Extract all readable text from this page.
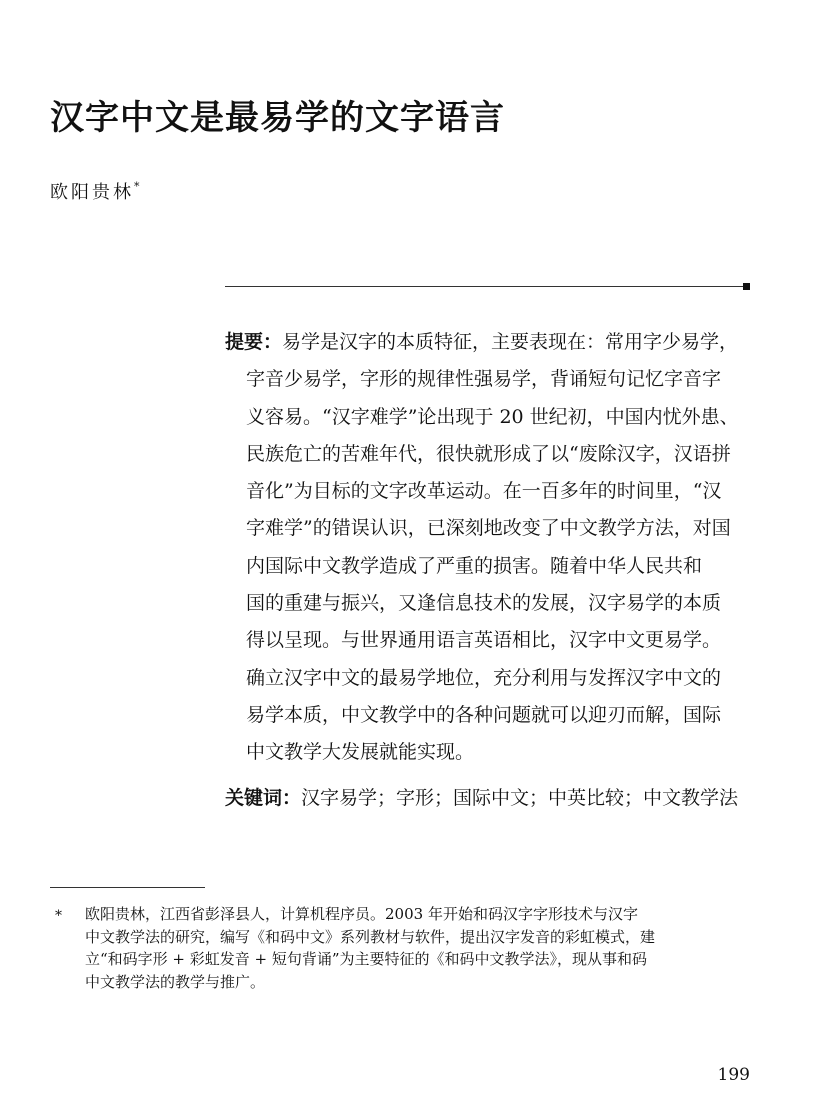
汉字中文是最易学的文字语言
欧阳贵林*
提要：易学是汉字的本质特征，主要表现在：常用字少易学，
字音少易学，字形的规律性强易学，背诵短句记忆字音字
义容易。“汉字难学”论出现于 20 世纪初，中国内忧外患、
民族危亡的苦难年代，很快就形成了以“废除汉字，汉语拼
音化”为目标的文字改革运动。在一百多年的时间里，“汉
字难学”的错误认识，已深刻地改变了中文教学方法，对国
内国际中文教学造成了严重的损害。随着中华人民共和
国的重建与振兴，又逢信息技术的发展，汉字易学的本质
得以呈现。与世界通用语言英语相比，汉字中文更易学。
确立汉字中文的最易学地位，充分利用与发挥汉字中文的
易学本质，中文教学中的各种问题就可以迎刃而解，国际
中文教学大发展就能实现。
关键词：汉字易学；字形；国际中文；中英比较；中文教学法
* 欧阳贵林，江西省彭泽县人，计算机程序员。2003 年开始和码汉字字形技术与汉字
中文教学法的研究，编写《和码中文》系列教材与软件，提出汉字发音的彩虹模式，建
立“和码字形 + 彩虹发音 + 短句背诵”为主要特征的《和码中文教学法》，现从事和码
中文教学法的教学与推广。
199
